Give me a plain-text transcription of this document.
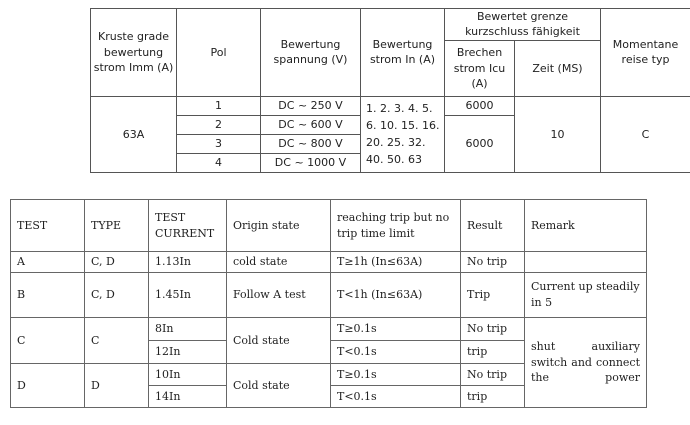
Kruste grade bewertung strom Imm (A)	Pol	Bewertung spannung (V)	Bewertung strom In (A)	Bewertet grenze kurzschluss fähigkeit		Momentane reise typ
				Brechen strom Icu (A)	Zeit (MS)	
63A	1	DC ~ 250 V	1. 2. 3. 4. 5. 6. 10. 15. 16. 20. 25. 32. 40. 50. 63	6000	10	C
	2	DC ~ 600 V		6000		
	3	DC ~ 800 V				
	4	DC ~ 1000 V				
TEST	TYPE	TEST CURRENT	Origin state	reaching trip but no trip time limit	Result	Remark
A	C, D	1.13In	cold state	T≥1h (In≤63A)	No trip	
B	C, D	1.45In	Follow A test	T<1h (In≤63A)	Trip	Current up steadily in 5
C	C	8In	Cold state	T≥0.1s	No trip	shut auxiliary
switch and connect
the power

		12In		T<0.1s	trip	
D	D	10In	Cold state	T≥0.1s	No trip	
		14In		T<0.1s	trip	
